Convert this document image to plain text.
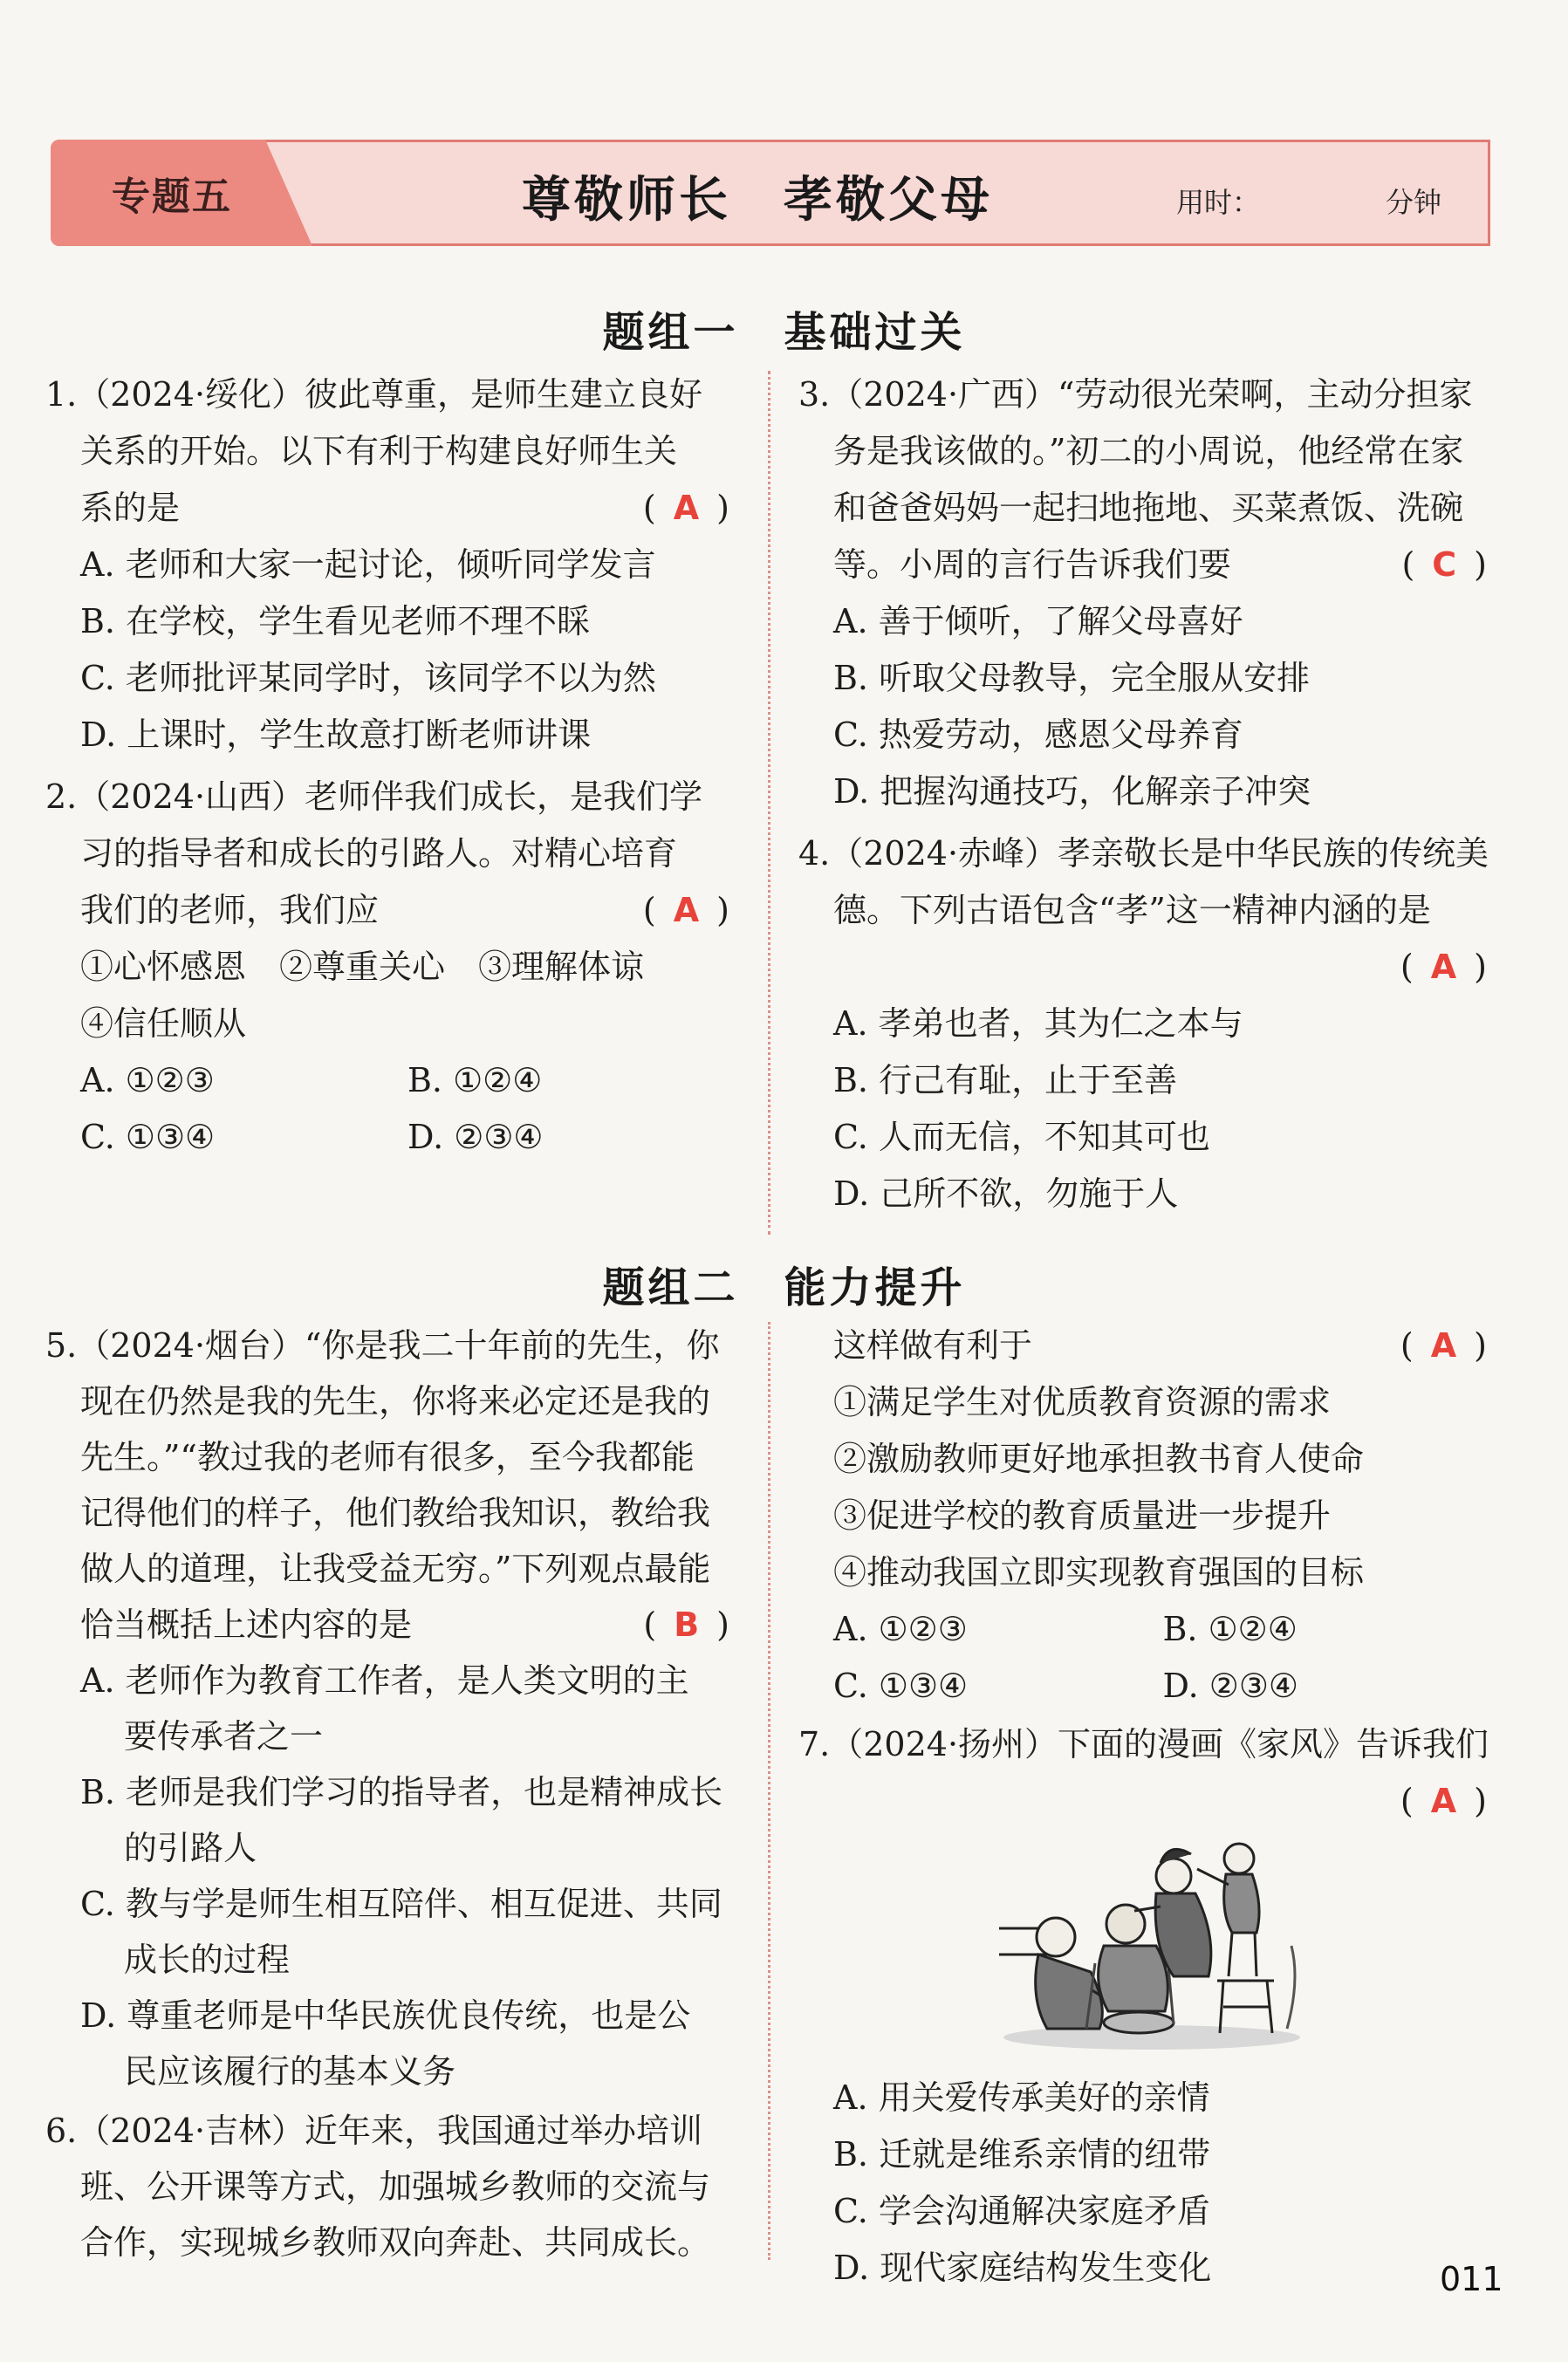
专题五	尊敬师长　孝敬父母	用时：	分钟
题组一　基础过关
1.（2024·绥化）彼此尊重，是师生建立良好
关系的开始。以下有利于构建良好师生关
系的是	( A )
A. 老师和大家一起讨论，倾听同学发言
B. 在学校，学生看见老师不理不睬
C. 老师批评某同学时，该同学不以为然
D. 上课时，学生故意打断老师讲课
2.（2024·山西）老师伴我们成长，是我们学
习的指导者和成长的引路人。对精心培育
我们的老师，我们应	( A )
①心怀感恩　②尊重关心　③理解体谅
④信任顺从
A. ①②③	B. ①②④
C. ①③④	D. ②③④
3.（2024·广西）“劳动很光荣啊，主动分担家
务是我该做的。”初二的小周说，他经常在家
和爸爸妈妈一起扫地拖地、买菜煮饭、洗碗
等。小周的言行告诉我们要	( C )
A. 善于倾听，了解父母喜好
B. 听取父母教导，完全服从安排
C. 热爱劳动，感恩父母养育
D. 把握沟通技巧，化解亲子冲突
4.（2024·赤峰）孝亲敬长是中华民族的传统美
德。下列古语包含“孝”这一精神内涵的是

( A )
A. 孝弟也者，其为仁之本与
B. 行己有耻，止于至善
C. 人而无信，不知其可也
D. 己所不欲，勿施于人
题组二　能力提升
5.（2024·烟台）“你是我二十年前的先生，你
现在仍然是我的先生，你将来必定还是我的
先生。”“教过我的老师有很多，至今我都能
记得他们的样子，他们教给我知识，教给我
做人的道理，让我受益无穷。”下列观点最能
恰当概括上述内容的是	( B )
A. 老师作为教育工作者，是人类文明的主
要传承者之一
B. 老师是我们学习的指导者，也是精神成长
的引路人
C. 教与学是师生相互陪伴、相互促进、共同
成长的过程
D. 尊重老师是中华民族优良传统，也是公
民应该履行的基本义务
6.（2024·吉林）近年来，我国通过举办培训
班、公开课等方式，加强城乡教师的交流与
合作，实现城乡教师双向奔赴、共同成长。
这样做有利于	( A )
①满足学生对优质教育资源的需求
②激励教师更好地承担教书育人使命
③促进学校的教育质量进一步提升
④推动我国立即实现教育强国的目标
A. ①②③	B. ①②④
C. ①③④	D. ②③④
7.（2024·扬州）下面的漫画《家风》告诉我们

( A )
A. 用关爱传承美好的亲情
B. 迁就是维系亲情的纽带
C. 学会沟通解决家庭矛盾
D. 现代家庭结构发生变化	011
